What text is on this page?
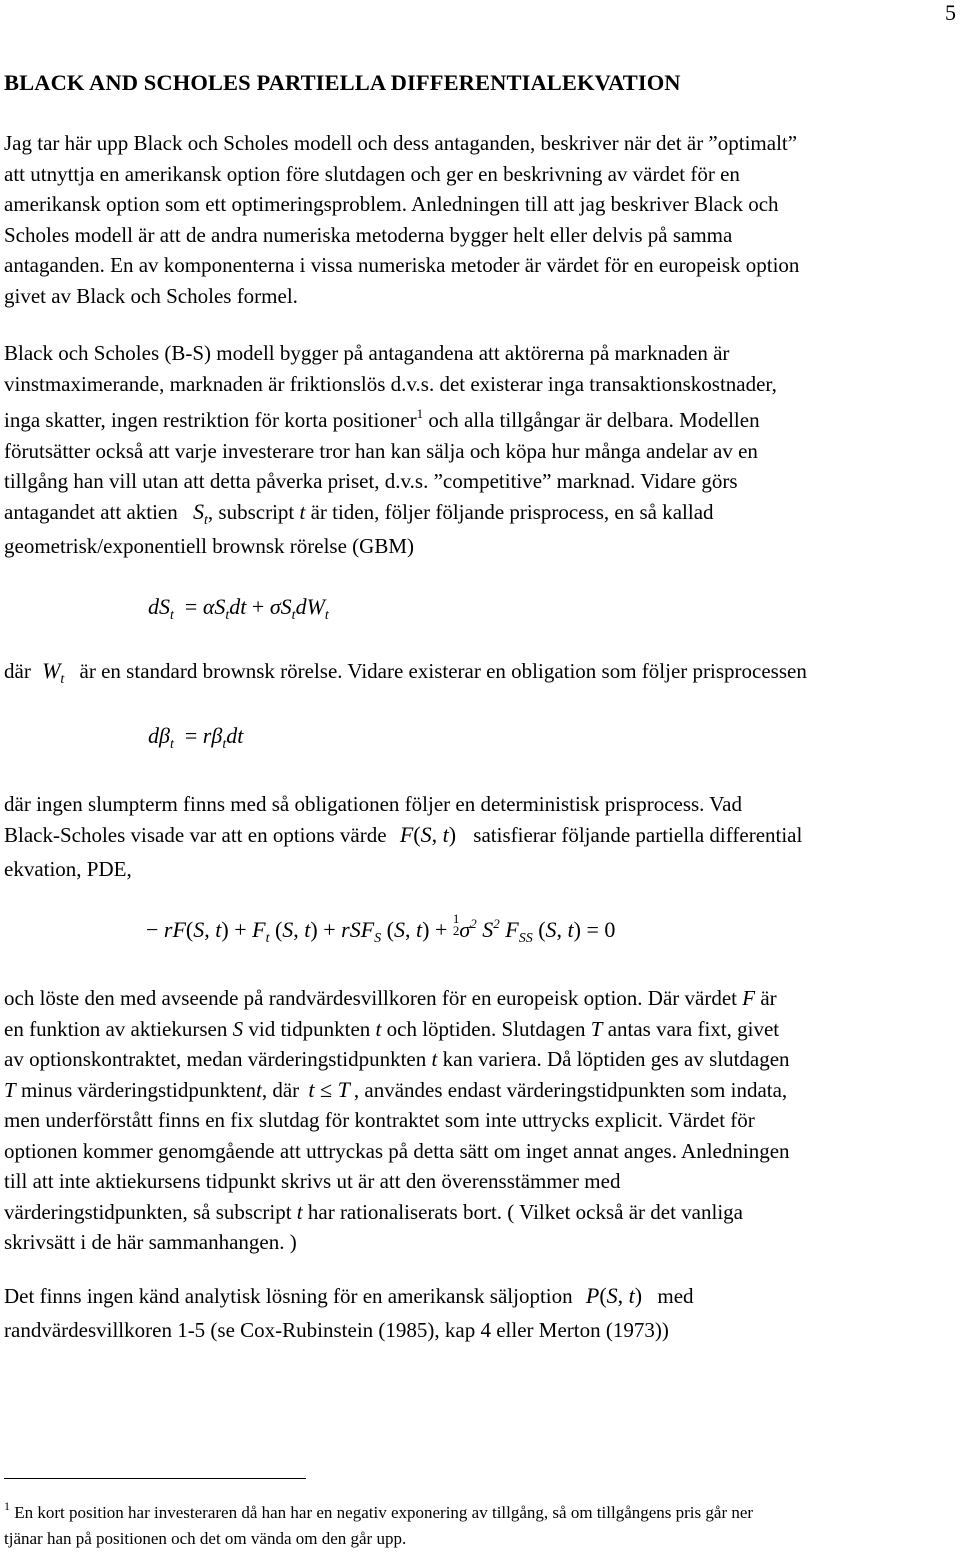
5
BLACK AND SCHOLES PARTIELLA DIFFERENTIALEKVATION
Jag tar här upp Black och Scholes modell och dess antaganden, beskriver när det är ”optimalt”
att utnyttja en amerikansk option före slutdagen och ger en beskrivning av värdet för en
amerikansk option som ett optimeringsproblem. Anledningen till att jag beskriver Black och
Scholes modell är att de andra numeriska metoderna bygger helt eller delvis på samma
antaganden. En av komponenterna i vissa numeriska metoder är värdet för en europeisk option
givet av Black och Scholes formel.
Black och Scholes (B-S) modell bygger på antagandena att aktörerna på marknaden är
vinstmaximerande, marknaden är friktionslös d.v.s. det existerar inga transaktionskostnader,
inga skatter, ingen restriktion för korta positioner$^1$ och alla tillgångar är delbara. Modellen
förutsätter också att varje investerare tror han kan sälja och köpa hur många andelar av en
tillgång han vill utan att detta påverka priset, d.v.s. ”competitive” marknad. Vidare görs
antagandet att aktien $S_t$, subscript t är tiden, följer följande prisprocess, en så kallad
geometrisk/exponentiell brownsk rörelse (GBM)
$dS_t = \alpha S_tdt + \sigma S_tdW_t$
där $W_t$ är en standard brownsk rörelse. Vidare existerar en obligation som följer prisprocessen
$d\beta_t = r\beta_tdt$
där ingen slumpterm finns med så obligationen följer en deterministisk prisprocess. Vad
Black-Scholes visade var att en options värde F(S, t) satisfierar följande partiella differential
ekvation, PDE,
− rF(S, $t) + F_t$ (S, t) + rSF$_S$ (S, t) + 1
$2\sigma^2$ $S^2$ $F_{SS}$ (S, t) = 0
och löste den med avseende på randvärdesvillkoren för en europeisk option. Där värdet F är
en funktion av aktiekursen S vid tidpunkten t och löptiden. Slutdagen T antas vara fixt, givet
av optionskontraktet, medan värderingstidpunkten t kan variera. Då löptiden ges av slutdagen
T minus värderingstidpunktent, där t ≤ T , användes endast värderingstidpunkten som indata,
men underförstått finns en fix slutdag för kontraktet som inte uttrycks explicit. Värdet för
optionen kommer genomgående att uttryckas på detta sätt om inget annat anges. Anledningen
till att inte aktiekursens tidpunkt skrivs ut är att den överensstämmer med
värderingstidpunkten, så subscript t har rationaliserats bort. ( Vilket också är det vanliga
skrivsätt i de här sammanhangen. )
Det finns ingen känd analytisk lösning för en amerikansk säljoption P(S, t) med
randvärdesvillkoren 1-5 (se Cox-Rubinstein (1985), kap 4 eller Merton (1973))
$^1$ En kort position har investeraren då han har en negativ exponering av tillgång, så om tillgångens pris går ner
tjänar han på positionen och det om vända om den går upp.
